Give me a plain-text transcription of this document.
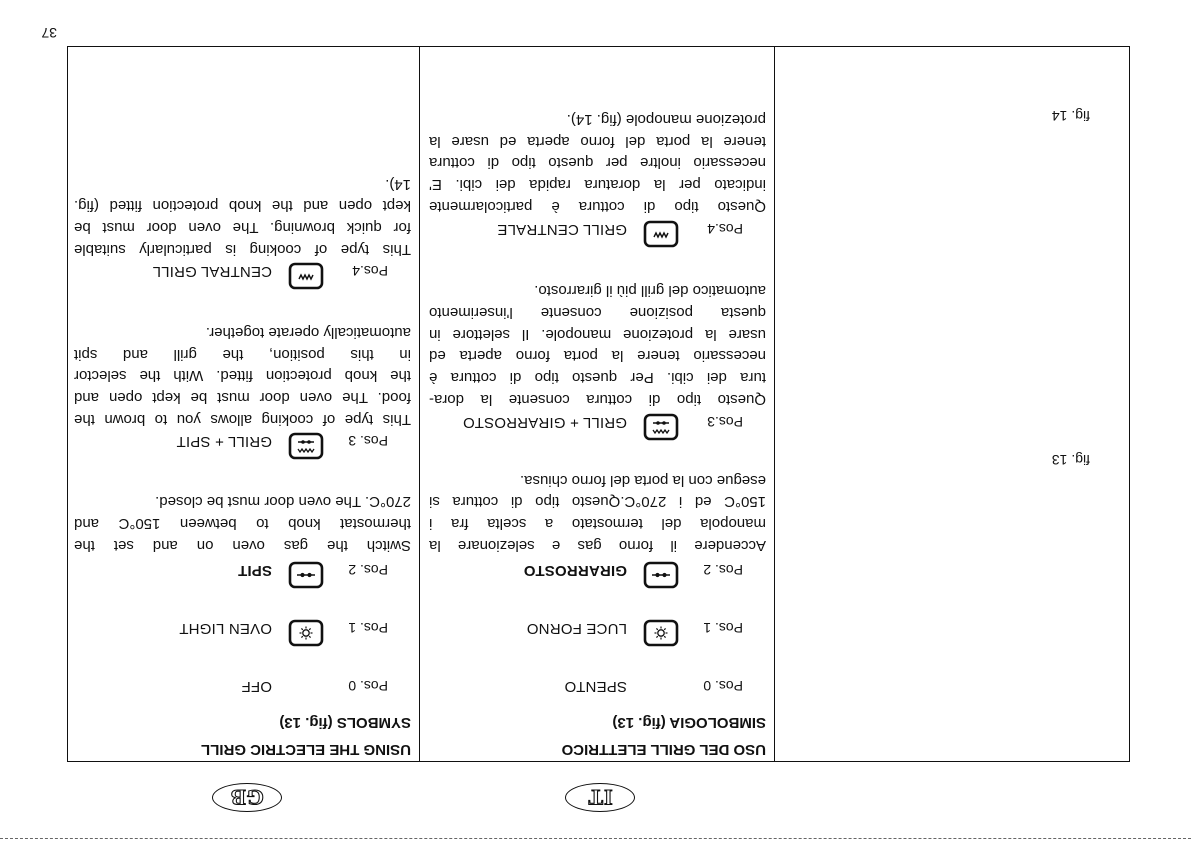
IT
GB
fig. 13
fig. 14
USO DEL GRILL ELETTRICO
SIMBOLOGIA (fig. 13)
Pos. 0
SPENTO
Pos. 1
LUCE FORNO
Pos. 2
GIRARROSTO
Accendere il forno gas e selezionare la
manopola del termostato a scelta fra i
150°C ed i 270°C.Questo tipo di cottura si
esegue con la porta del forno chiusa.
Pos.3
GRILL + GIRARROSTO
Questo tipo di cottura consente la dora-
tura dei cibi. Per questo tipo di cottura è
necessario tenere la porta forno aperta ed
usare la protezione manopole. Il selettore in
questa posizione consente l'inserimento
automatico del grill più il girarrosto.
Pos.4
GRILL CENTRALE
Questo tipo di cottura è particolarmente
indicato per la doratura rapida dei cibi. E'
necessario inoltre per questo tipo di cottura
tenere la porta del forno aperta ed usare la
protezione manopole (fig. 14).
USING THE ELECTRIC GRILL
SYMBOLS (fig. 13)
Pos. 0
OFF
Pos. 1
OVEN LIGHT
Pos. 2
SPIT
Switch the gas oven on and set the
thermostat knob to between 150°C and
270°C. The oven door must be closed.
Pos. 3
GRILL + SPIT
This type of cooking allows you to brown the
food. The oven door must be kept open and
the knob protection fitted. With the selector
in this position, the grill and spit
automatically operate together.
Pos.4
CENTRAL GRILL
This type of cooking is particularly suitable
for quick browning. The oven door must be
kept open and the knob protection fitted (fig.
14).
37
